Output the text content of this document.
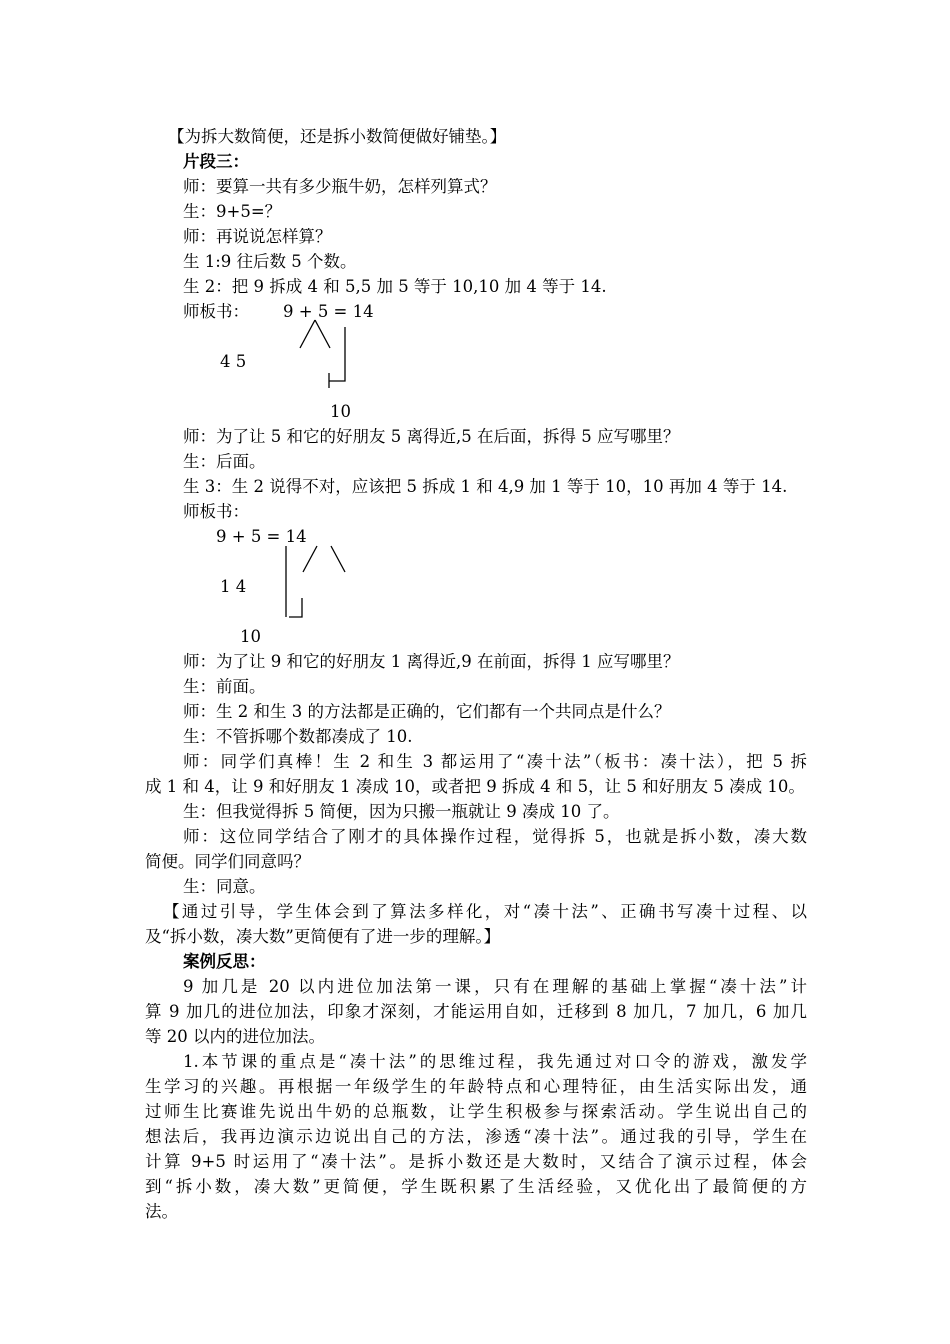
【为拆大数简便，还是拆小数简便做好铺垫。】
片段三：
师：要算一共有多少瓶牛奶，怎样列算式？
生：9+5=？
师：再说说怎样算？
生 1:9 往后数 5 个数。
生 2：把 9 拆成 4 和 5,5 加 5 等于 10,10 加 4 等于 14.
师板书： 9 + 5 = 14
4 5
10
师：为了让 5 和它的好朋友 5 离得近,5 在后面，拆得 5 应写哪里？
生：后面。
生 3：生 2 说得不对，应该把 5 拆成 1 和 4,9 加 1 等于 10，10 再加 4 等于 14.
师板书：
9 + 5 = 14
1 4
10
师：为了让 9 和它的好朋友 1 离得近,9 在前面，拆得 1 应写哪里？
生：前面。
师：生 2 和生 3 的方法都是正确的，它们都有一个共同点是什么？
生：不管拆哪个数都凑成了 10.
师：同学们真棒！生 2 和生 3 都运用了“凑十法”（板书：凑十法），把 5 拆
成 1 和 4，让 9 和好朋友 1 凑成 10，或者把 9 拆成 4 和 5，让 5 和好朋友 5 凑成 10。
生：但我觉得拆 5 简便，因为只搬一瓶就让 9 凑成 10 了。
师：这位同学结合了刚才的具体操作过程，觉得拆 5，也就是拆小数，凑大数
简便。同学们同意吗？
生：同意。
【通过引导，学生体会到了算法多样化，对“凑十法”、正确书写凑十过程、以
及“拆小数，凑大数”更简便有了进一步的理解。】
案例反思：
9 加几是 20 以内进位加法第一课，只有在理解的基础上掌握“凑十法”计
算 9 加几的进位加法，印象才深刻，才能运用自如，迁移到 8 加几，7 加几，6 加几
等 20 以内的进位加法。
1.本节课的重点是“凑十法”的思维过程，我先通过对口令的游戏，激发学
生学习的兴趣。再根据一年级学生的年龄特点和心理特征，由生活实际出发，通
过师生比赛谁先说出牛奶的总瓶数，让学生积极参与探索活动。学生说出自己的
想法后，我再边演示边说出自己的方法，渗透“凑十法”。通过我的引导，学生在
计算 9+5 时运用了“凑十法”。是拆小数还是大数时，又结合了演示过程，体会
到“拆小数，凑大数”更简便，学生既积累了生活经验，又优化出了最简便的方
法。
